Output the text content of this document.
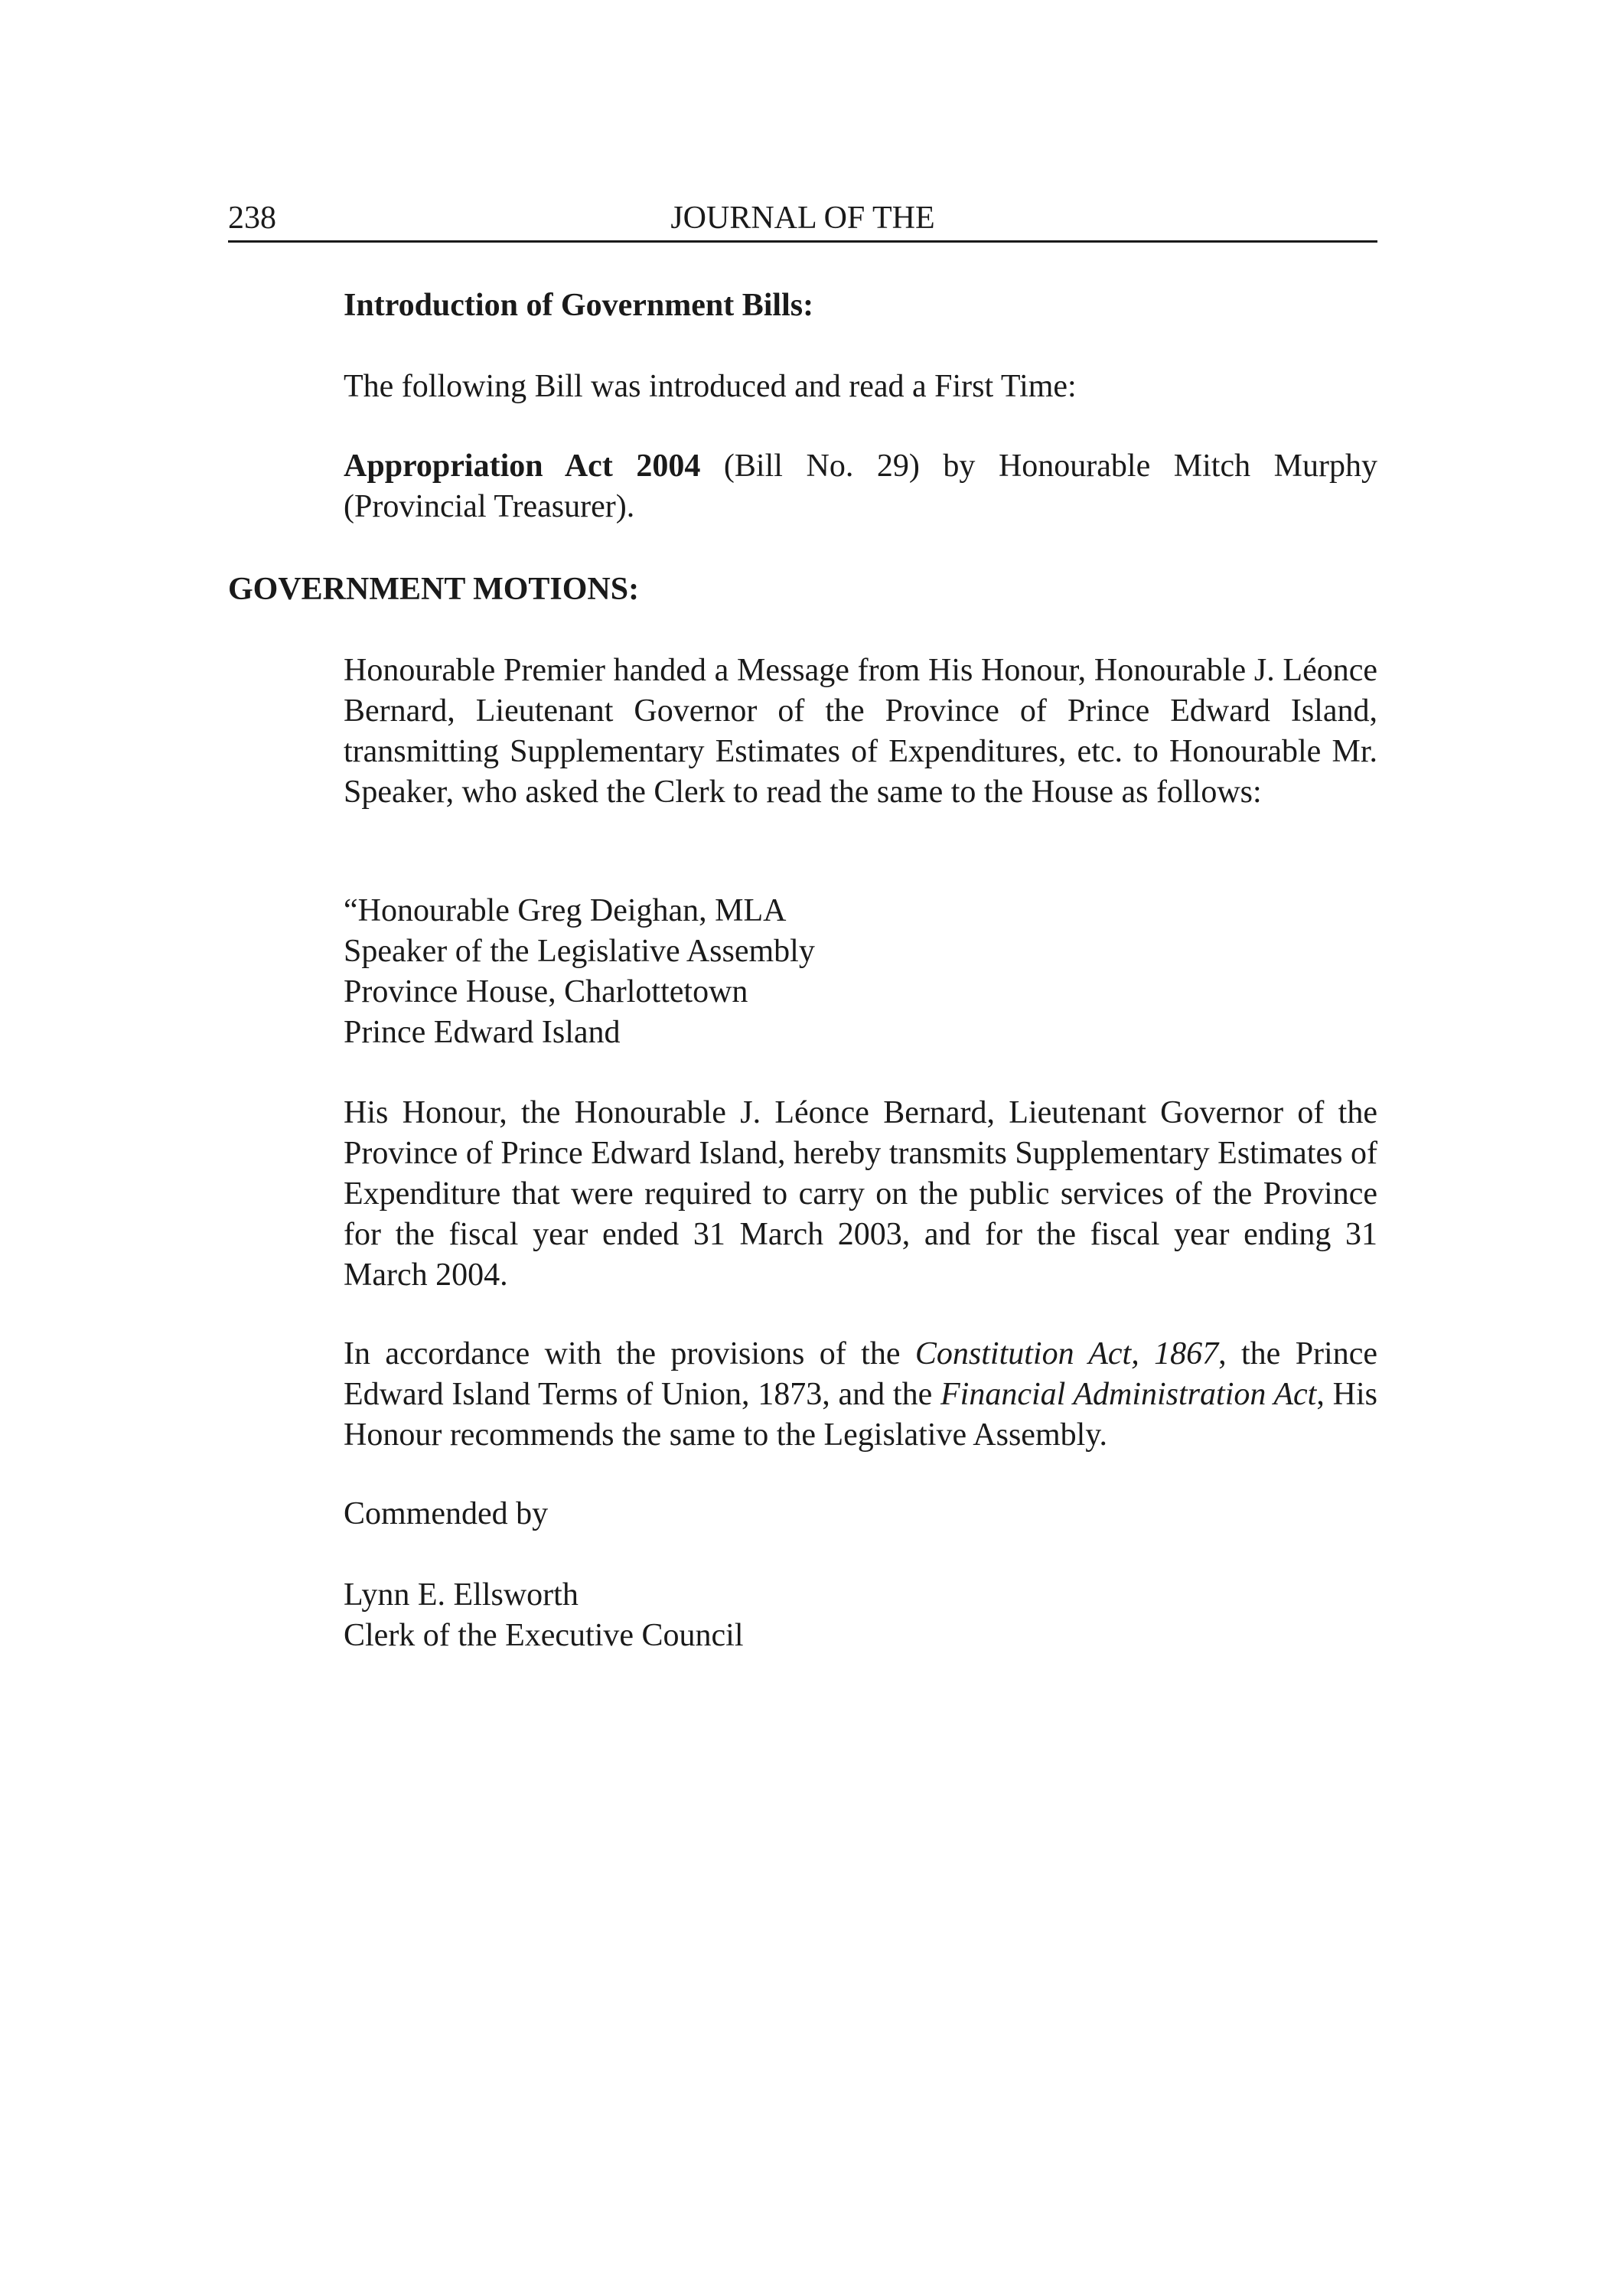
238	JOURNAL OF THE

Introduction of Government Bills:

The following Bill was introduced and read a First Time:

Appropriation Act 2004 (Bill No. 29) by Honourable Mitch Murphy (Provincial Treasurer).

GOVERNMENT MOTIONS:

Honourable Premier handed a Message from His Honour, Honourable J. Léonce Bernard, Lieutenant Governor of the Province of Prince Edward Island, transmitting Supplementary Estimates of Expenditures, etc. to Honourable Mr. Speaker, who asked the Clerk to read the same to the House as follows:

“Honourable Greg Deighan, MLA
Speaker of the Legislative Assembly
Province House, Charlottetown
Prince Edward Island

His Honour, the Honourable J. Léonce Bernard, Lieutenant Governor of the Province of Prince Edward Island, hereby transmits Supplementary Estimates of Expenditure that were required to carry on the public services of the Province for the fiscal year ended 31 March 2003, and for the fiscal year ending 31 March 2004.

In accordance with the provisions of the Constitution Act, 1867, the Prince Edward Island Terms of Union, 1873, and the Financial Administration Act, His Honour recommends the same to the Legislative Assembly.

Commended by

Lynn E. Ellsworth
Clerk of the Executive Council
